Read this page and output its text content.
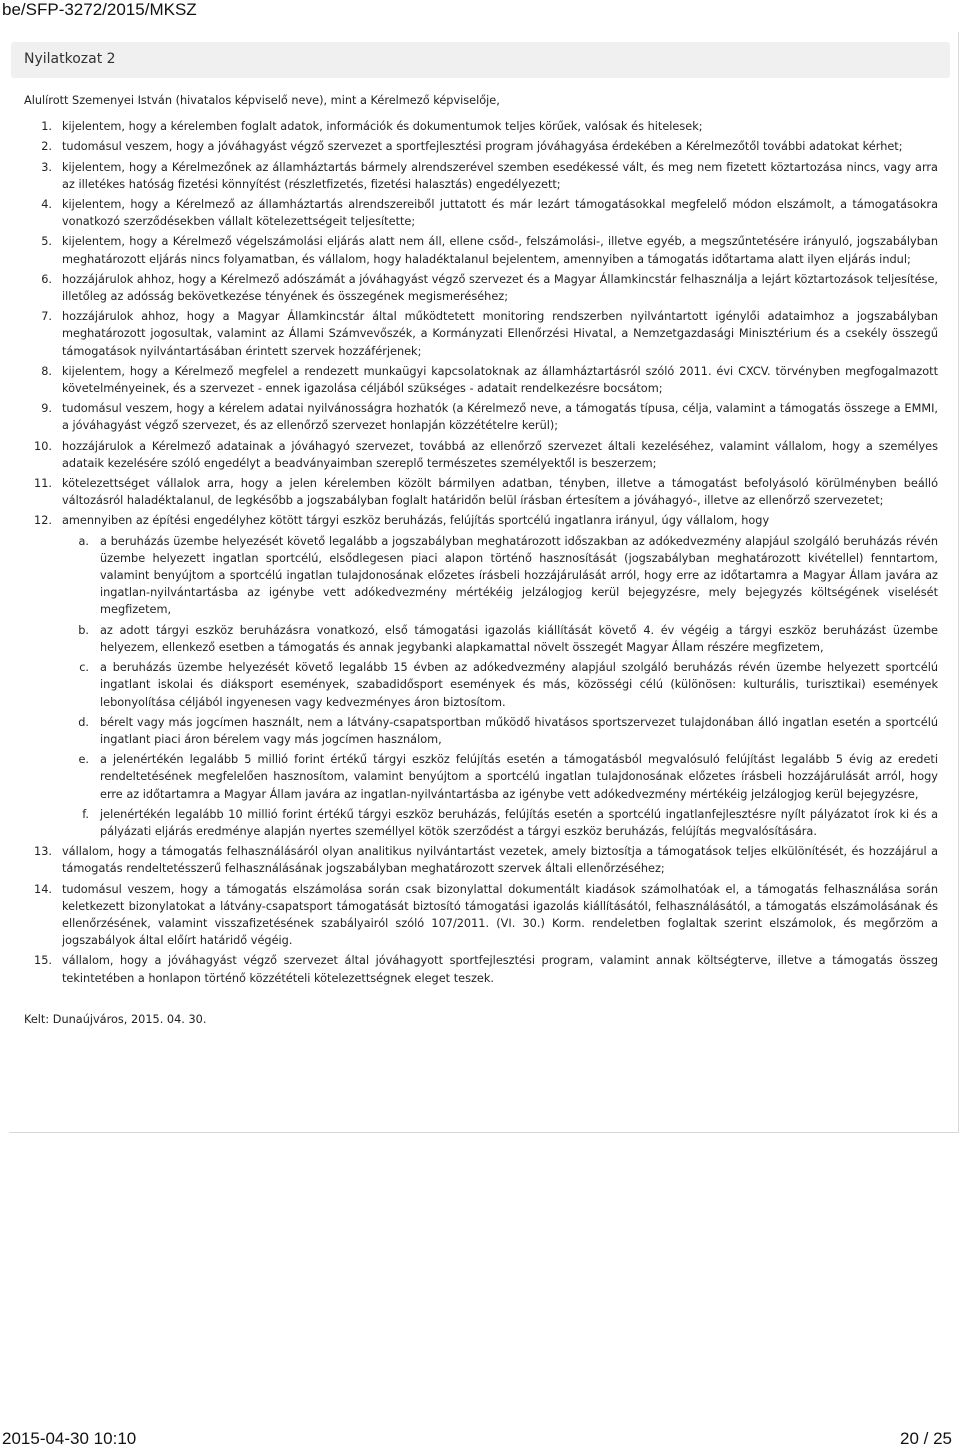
be/SFP-3272/2015/MKSZ
Nyilatkozat 2

Alulírott Szemenyei István (hivatalos képviselő neve), mint a Kérelmező képviselője,

1. kijelentem, hogy a kérelemben foglalt adatok, információk és dokumentumok teljes körűek, valósak és hitelesek;
2. tudomásul veszem, hogy a jóváhagyást végző szervezet a sportfejlesztési program jóváhagyása érdekében a Kérelmezőtől további adatokat kérhet;
3. kijelentem, hogy a Kérelmezőnek az államháztartás bármely alrendszerével szemben esedékessé vált, és meg nem fizetett köztartozása nincs, vagy arra az illetékes hatóság fizetési könnyítést (részletfizetés, fizetési halasztás) engedélyezett;
4. kijelentem, hogy a Kérelmező az államháztartás alrendszereiből juttatott és már lezárt támogatásokkal megfelelő módon elszámolt, a támogatásokra vonatkozó szerződésekben vállalt kötelezettségeit teljesítette;
5. kijelentem, hogy a Kérelmező végelszámolási eljárás alatt nem áll, ellene csőd-, felszámolási-, illetve egyéb, a megszűntetésére irányuló, jogszabályban meghatározott eljárás nincs folyamatban, és vállalom, hogy haladéktalanul bejelentem, amennyiben a támogatás időtartama alatt ilyen eljárás indul;
6. hozzájárulok ahhoz, hogy a Kérelmező adószámát a jóváhagyást végző szervezet és a Magyar Államkincstár felhasználja a lejárt köztartozások teljesítése, illetőleg az adósság bekövetkezése tényének és összegének megismeréséhez;
7. hozzájárulok ahhoz, hogy a Magyar Államkincstár által működtetett monitoring rendszerben nyilvántartott igénylői adataimhoz a jogszabályban meghatározott jogosultak, valamint az Állami Számvevőszék, a Kormányzati Ellenőrzési Hivatal, a Nemzetgazdasági Minisztérium és a csekély összegű támogatások nyilvántartásában érintett szervek hozzáférjenek;
8. kijelentem, hogy a Kérelmező megfelel a rendezett munkaügyi kapcsolatoknak az államháztartásról szóló 2011. évi CXCV. törvényben megfogalmazott követelményeinek, és a szervezet - ennek igazolása céljából szükséges - adatait rendelkezésre bocsátom;
9. tudomásul veszem, hogy a kérelem adatai nyilvánosságra hozhatók (a Kérelmező neve, a támogatás típusa, célja, valamint a támogatás összege a EMMI, a jóváhagyást végző szervezet, és az ellenőrző szervezet honlapján közzétételre kerül);
10. hozzájárulok a Kérelmező adatainak a jóváhagyó szervezet, továbbá az ellenőrző szervezet általi kezeléséhez, valamint vállalom, hogy a személyes adataik kezelésére szóló engedélyt a beadványaimban szereplő természetes személyektől is beszerzem;
11. kötelezettséget vállalok arra, hogy a jelen kérelemben közölt bármilyen adatban, tényben, illetve a támogatást befolyásoló körülményben beálló változásról haladéktalanul, de legkésőbb a jogszabályban foglalt határidőn belül írásban értesítem a jóváhagyó-, illetve az ellenőrző szervezetet;
12. amennyiben az építési engedélyhez kötött tárgyi eszköz beruházás, felújítás sportcélú ingatlanra irányul, úgy vállalom, hogy
a. a beruházás üzembe helyezését követő legalább a jogszabályban meghatározott időszakban az adókedvezmény alapjául szolgáló beruházás révén üzembe helyezett ingatlan sportcélú, elsődlegesen piaci alapon történő hasznosítását (jogszabályban meghatározott kivétellel) fenntartom, valamint benyújtom a sportcélú ingatlan tulajdonosának előzetes írásbeli hozzájárulását arról, hogy erre az időtartamra a Magyar Állam javára az ingatlan-nyilvántartásba az igénybe vett adókedvezmény mértékéig jelzálogjog kerül bejegyzésre, mely bejegyzés költségének viselését megfizetem,
b. az adott tárgyi eszköz beruházásra vonatkozó, első támogatási igazolás kiállítását követő 4. év végéig a tárgyi eszköz beruházást üzembe helyezem, ellenkező esetben a támogatás és annak jegybanki alapkamattal növelt összegét Magyar Állam részére megfizetem,
c. a beruházás üzembe helyezését követő legalább 15 évben az adókedvezmény alapjául szolgáló beruházás révén üzembe helyezett sportcélú ingatlant iskolai és diáksport események, szabadidősport események és más, közösségi célú (különösen: kulturális, turisztikai) események lebonyolítása céljából ingyenesen vagy kedvezményes áron biztosítom.
d. bérelt vagy más jogcímen használt, nem a látvány-csapatsportban működő hivatásos sportszervezet tulajdonában álló ingatlan esetén a sportcélú ingatlant piaci áron bérelem vagy más jogcímen használom,
e. a jelenértékén legalább 5 millió forint értékű tárgyi eszköz felújítás esetén a támogatásból megvalósuló felújítást legalább 5 évig az eredeti rendeltetésének megfelelően hasznosítom, valamint benyújtom a sportcélú ingatlan tulajdonosának előzetes írásbeli hozzájárulását arról, hogy erre az időtartamra a Magyar Állam javára az ingatlan-nyilvántartásba az igénybe vett adókedvezmény mértékéig jelzálogjog kerül bejegyzésre,
f. jelenértékén legalább 10 millió forint értékű tárgyi eszköz beruházás, felújítás esetén a sportcélú ingatlanfejlesztésre nyílt pályázatot írok ki és a pályázati eljárás eredménye alapján nyertes személlyel kötök szerződést a tárgyi eszköz beruházás, felújítás megvalósítására.
13. vállalom, hogy a támogatás felhasználásáról olyan analitikus nyilvántartást vezetek, amely biztosítja a támogatások teljes elkülönítését, és hozzájárul a támogatás rendeltetésszerű felhasználásának jogszabályban meghatározott szervek általi ellenőrzéséhez;
14. tudomásul veszem, hogy a támogatás elszámolása során csak bizonylattal dokumentált kiadások számolhatóak el, a támogatás felhasználása során keletkezett bizonylatokat a látvány-csapatsport támogatását biztosító támogatási igazolás kiállításától, felhasználásától, a támogatás elszámolásának és ellenőrzésének, valamint visszafizetésének szabályairól szóló 107/2011. (VI. 30.) Korm. rendeletben foglaltak szerint elszámolok, és megőrzöm a jogszabályok által előírt határidő végéig.
15. vállalom, hogy a jóváhagyást végző szervezet által jóváhagyott sportfejlesztési program, valamint annak költségterve, illetve a támogatás összeg tekintetében a honlapon történő közzétételi kötelezettségnek eleget teszek.
Kelt: Dunaújváros, 2015. 04. 30.
2015-04-30 10:10	20 / 25
